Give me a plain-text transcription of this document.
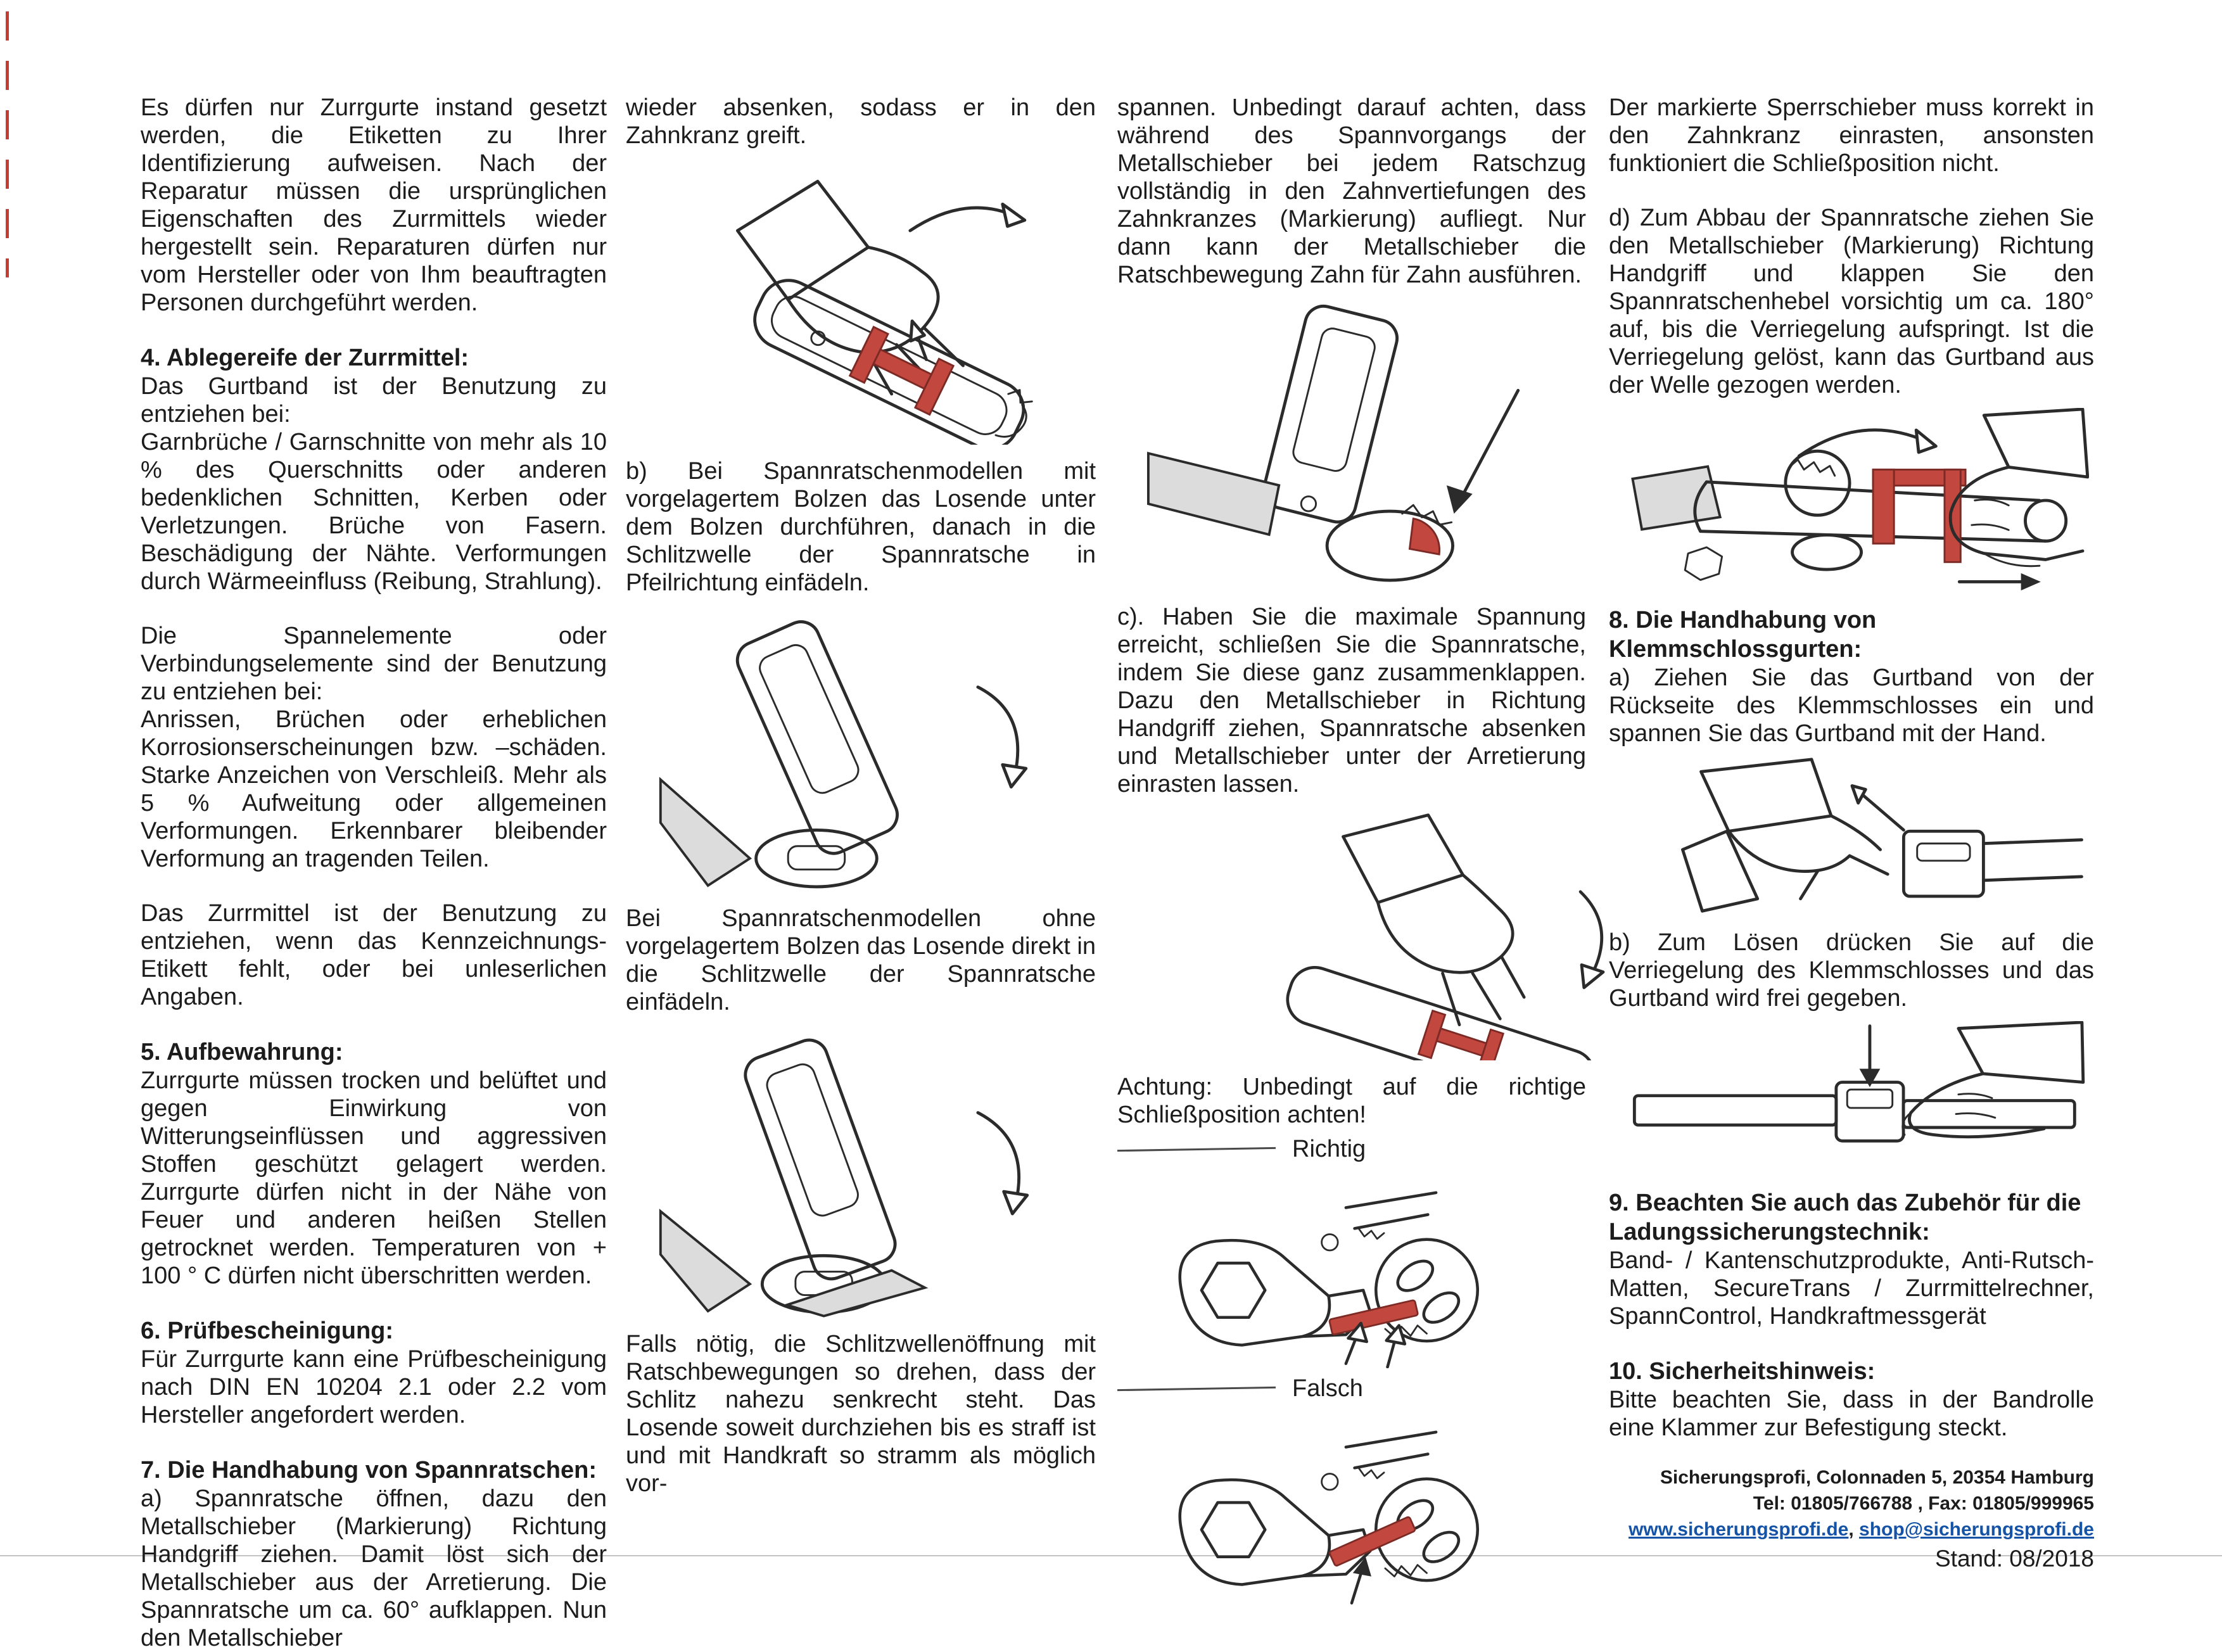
Es dürfen nur Zurrgurte instand gesetzt werden, die Etiketten zu Ihrer Identifizierung aufweisen. Nach der Reparatur müssen die ursprünglichen Eigenschaften des Zurrmittels wieder hergestellt sein. Reparaturen dürfen nur vom Hersteller oder von Ihm beauftragten Personen durchgeführt werden.

4. Ablegereife der Zurrmittel:

Das Gurtband ist der Benutzung zu entziehen bei:

Garnbrüche / Garnschnitte von mehr als 10 % des Querschnitts oder anderen bedenklichen Schnitten, Kerben oder Verletzungen. Brüche von Fasern. Beschädigung der Nähte. Verformungen durch Wärmeeinfluss (Reibung, Strahlung).

Die Spannelemente oder Verbindungselemente sind der Benutzung zu entziehen bei:

Anrissen, Brüchen oder erheblichen Korrosionserscheinungen bzw. –schäden. Starke Anzeichen von Verschleiß. Mehr als 5 % Aufweitung oder allgemeinen Verformungen. Erkennbarer bleibender Verformung an tragenden Teilen.

Das Zurrmittel ist der Benutzung zu entziehen, wenn das Kennzeichnungs-Etikett fehlt, oder bei unleserlichen Angaben.

5. Aufbewahrung:

Zurrgurte müssen trocken und belüftet und gegen Einwirkung von Witterungseinflüssen und aggressiven Stoffen geschützt gelagert werden. Zurrgurte dürfen nicht in der Nähe von Feuer und anderen heißen Stellen getrocknet werden. Temperaturen von + 100 ° C dürfen nicht überschritten werden.

6. Prüfbescheinigung:

Für Zurrgurte kann eine Prüfbescheinigung nach DIN EN 10204 2.1 oder 2.2 vom Hersteller angefordert werden.

7. Die Handhabung von Spannratschen:

a) Spannratsche öffnen, dazu den Metallschieber (Markierung) Richtung Handgriff ziehen. Damit löst sich der Metallschieber aus der Arretierung. Die Spannratsche um ca. 60° aufklappen. Nun den Metallschieber

wieder absenken, sodass er in den Zahnkranz greift.

b) Bei Spannratschenmodellen mit vorgelagertem Bolzen das Losende unter dem Bolzen durchführen, danach in die Schlitzwelle der Spannratsche in Pfeilrichtung einfädeln.

Bei Spannratschenmodellen ohne vorgelagertem Bolzen das Losende direkt in die Schlitzwelle der Spannratsche einfädeln.

Falls nötig, die Schlitzwellenöffnung mit Ratschbewegungen so drehen, dass der Schlitz nahezu senkrecht steht. Das Losende soweit durchziehen bis es straff ist und mit Handkraft so stramm als möglich vor-

spannen. Unbedingt darauf achten, dass während des Spannvorgangs der Metallschieber bei jedem Ratschzug vollständig in den Zahnvertiefungen des Zahnkranzes (Markierung) aufliegt. Nur dann kann der Metallschieber die Ratschbewegung Zahn für Zahn ausführen.

c). Haben Sie die maximale Spannung erreicht, schließen Sie die Spannratsche, indem Sie diese ganz zusammenklappen. Dazu den Metallschieber in Richtung Handgriff ziehen, Spannratsche absenken und Metallschieber unter der Arretierung einrasten lassen.

Achtung: Unbedingt auf die richtige Schließposition achten!

Richtig
Falsch

Der markierte Sperrschieber muss korrekt in den Zahnkranz einrasten, ansonsten funktioniert die Schließposition nicht.

d) Zum Abbau der Spannratsche ziehen Sie den Metallschieber (Markierung) Richtung Handgriff und klappen Sie den Spannratschenhebel vorsichtig um ca. 180° auf, bis die Verriegelung aufspringt. Ist die Verriegelung gelöst, kann das Gurtband aus der Welle gezogen werden.

8. Die Handhabung von Klemmschlossgurten:

a) Ziehen Sie das Gurtband von der Rückseite des Klemmschlosses ein und spannen Sie das Gurtband mit der Hand.

b) Zum Lösen drücken Sie auf die Verriegelung des Klemmschlosses und das Gurtband wird frei gegeben.

9. Beachten Sie auch das Zubehör für die Ladungssicherungstechnik:

Band- / Kantenschutzprodukte, Anti-Rutsch-Matten, SecureTrans / Zurrmittelrechner, SpannControl, Handkraftmessgerät

10. Sicherheitshinweis:

Bitte beachten Sie, dass in der Bandrolle eine Klammer zur Befestigung steckt.

Sicherungsprofi, Colonnaden 5, 20354 Hamburg
Tel: 01805/766788 , Fax: 01805/999965
www.sicherungsprofi.de, shop@sicherungsprofi.de
Stand: 08/2018
